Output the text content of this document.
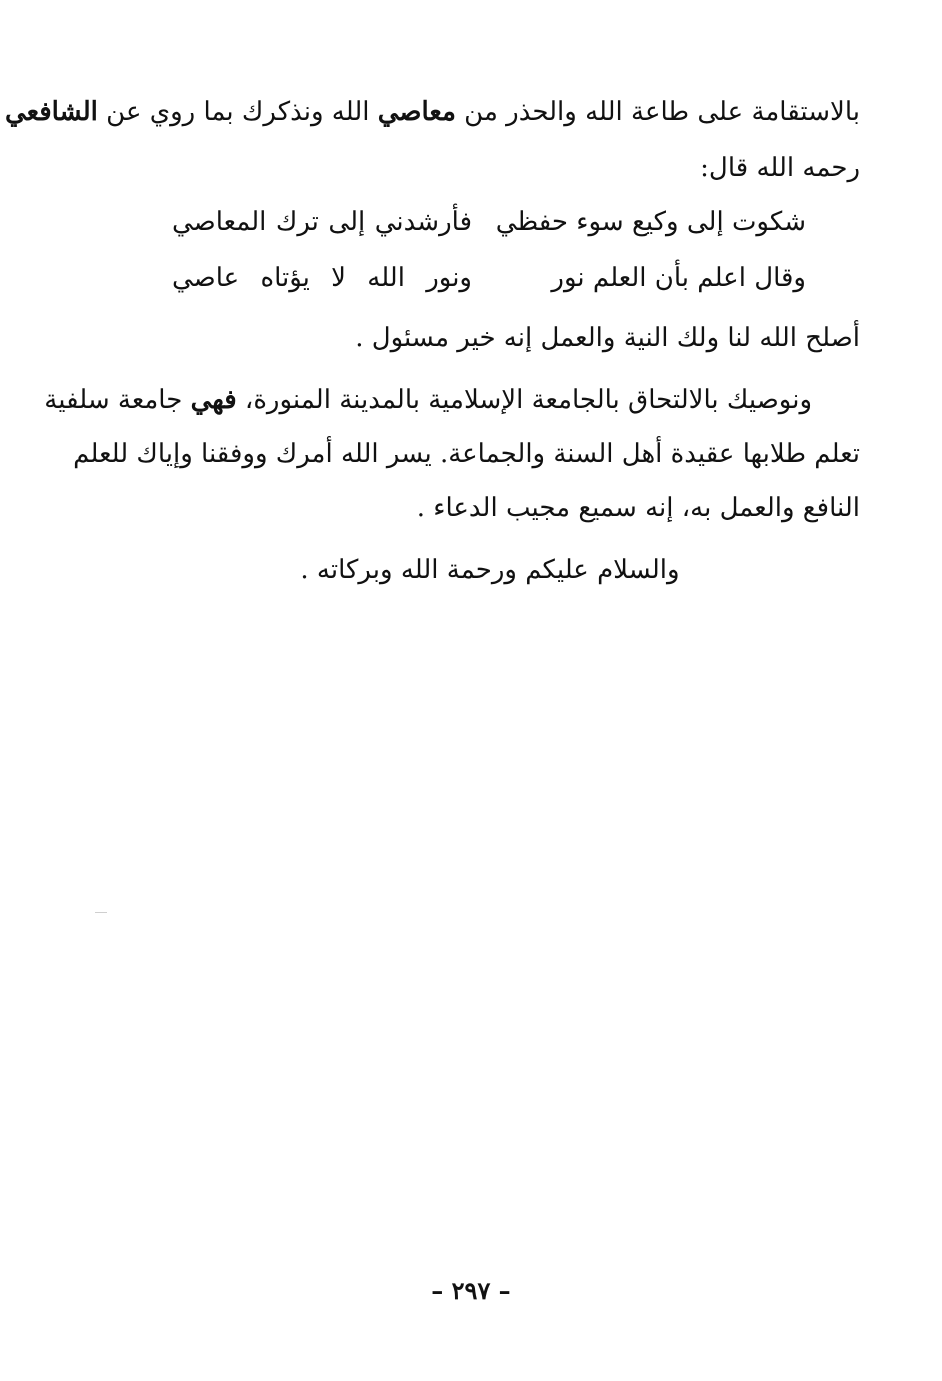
بالاستقامة على طاعة الله والحذر من معاصي الله ونذكرك بما روي عن الشافعي
رحمه الله قال:
شكوت إلى وكيع سوء حفظي
فأرشدني إلى ترك المعاصي
وقال اعلم بأن العلم نور
ونور الله لا يؤتاه عاصي
أصلح الله لنا ولك النية والعمل إنه خير مسئول .
ونوصيك بالالتحاق بالجامعة الإسلامية بالمدينة المنورة، فهي جامعة سلفية
تعلم طلابها عقيدة أهل السنة والجماعة. يسر الله أمرك ووفقنا وإياك للعلم
النافع والعمل به، إنه سميع مجيب الدعاء .
والسلام عليكم ورحمة الله وبركاته .
– ٢٩٧ –
